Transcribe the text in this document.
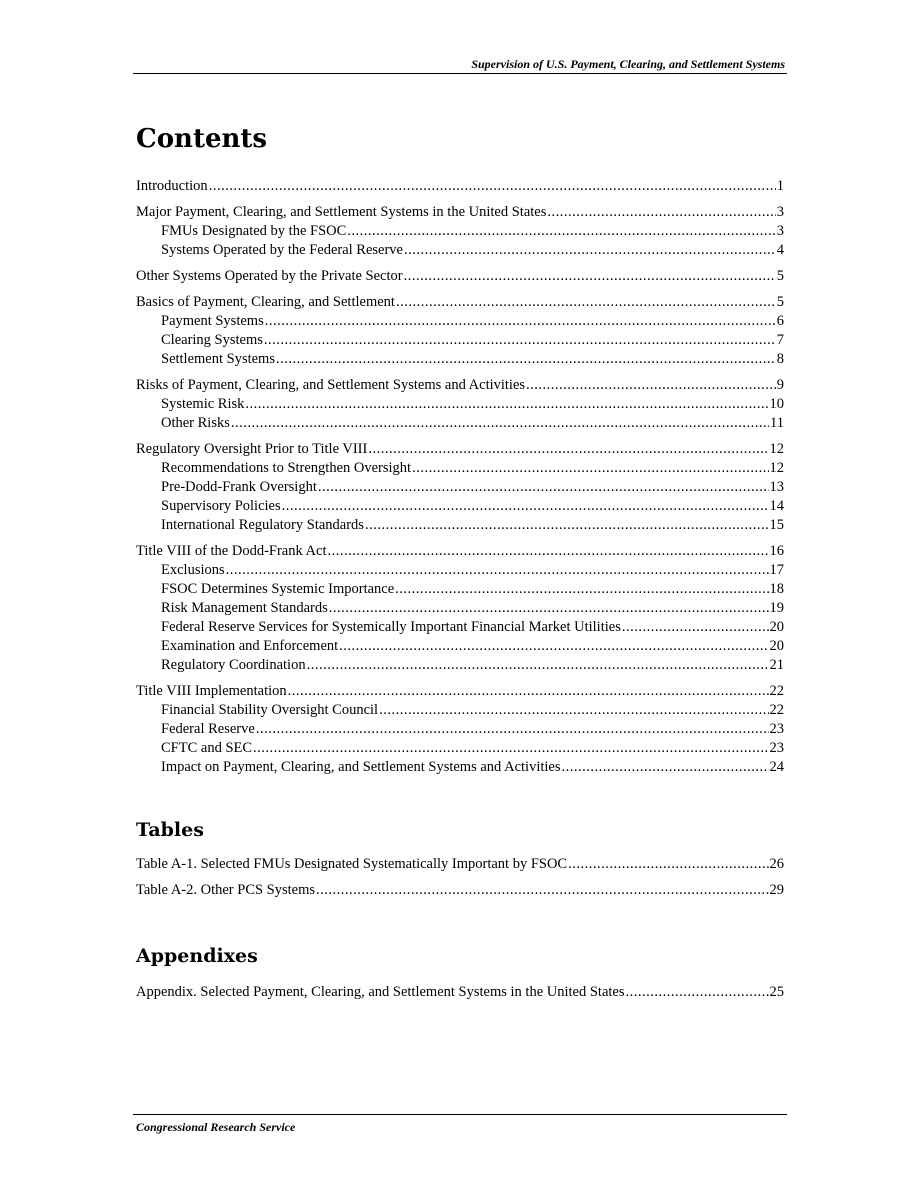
Supervision of U.S. Payment, Clearing, and Settlement Systems
Contents
Introduction .....	1
Major Payment, Clearing, and Settlement Systems in the United States .....	3
FMUs Designated by the FSOC .....	3
Systems Operated by the Federal Reserve .....	4
Other Systems Operated by the Private Sector .....	5
Basics of Payment, Clearing, and Settlement .....	5
Payment Systems .....	6
Clearing Systems .....	7
Settlement Systems .....	8
Risks of Payment, Clearing, and Settlement Systems and Activities .....	9
Systemic Risk .....	10
Other Risks .....	11
Regulatory Oversight Prior to Title VIII .....	12
Recommendations to Strengthen Oversight .....	12
Pre-Dodd-Frank Oversight .....	13
Supervisory Policies .....	14
International Regulatory Standards .....	15
Title VIII of the Dodd-Frank Act .....	16
Exclusions .....	17
FSOC Determines Systemic Importance .....	18
Risk Management Standards .....	19
Federal Reserve Services for Systemically Important Financial Market Utilities .....	20
Examination and Enforcement .....	20
Regulatory Coordination .....	21
Title VIII Implementation .....	22
Financial Stability Oversight Council .....	22
Federal Reserve .....	23
CFTC and SEC .....	23
Impact on Payment, Clearing, and Settlement Systems and Activities .....	24
Tables
Table A-1. Selected FMUs Designated Systematically Important by FSOC .....	26
Table A-2. Other PCS Systems .....	29
Appendixes
Appendix. Selected Payment, Clearing, and Settlement Systems in the United States .....	25
Congressional Research Service
